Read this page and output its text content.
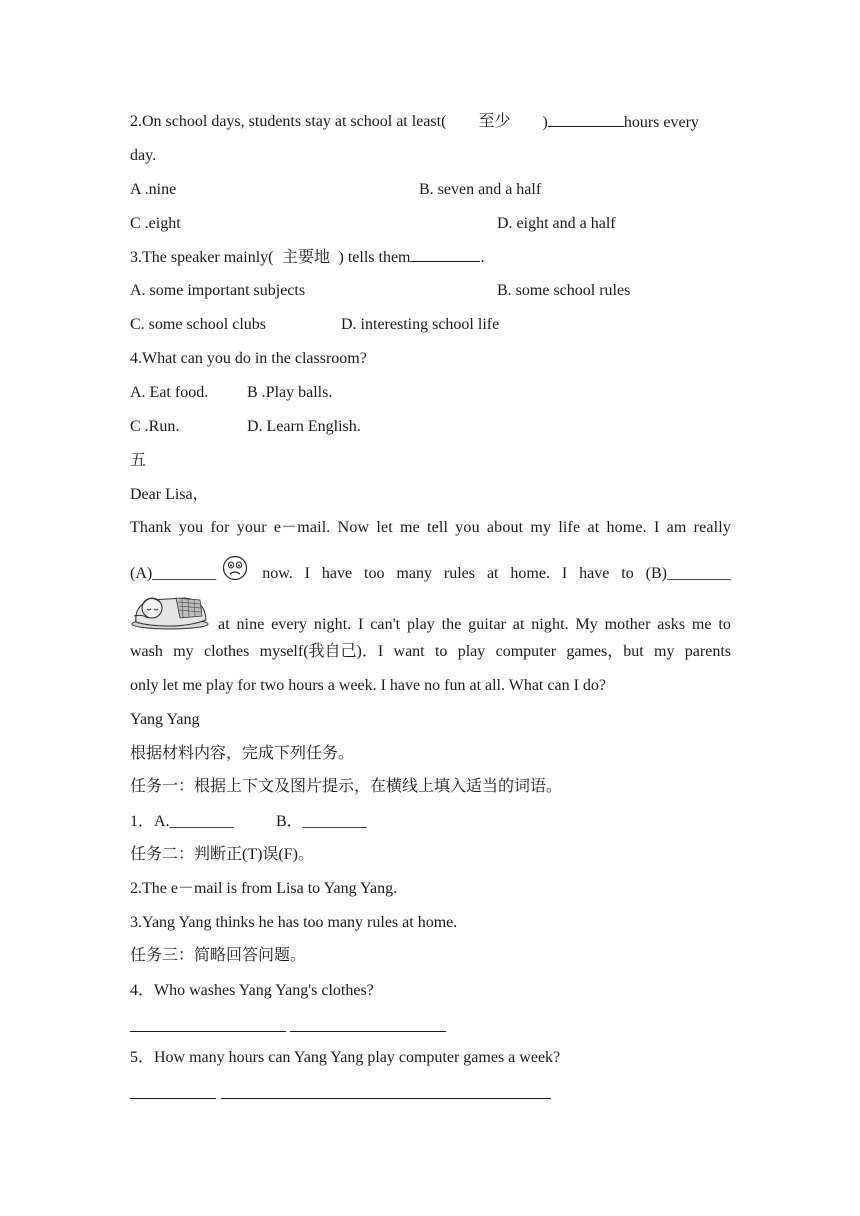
2.On school days, students stay at school at least( 至少 )	hours every
day.
A .nine	B. seven and a half
C .eight	D. eight and a half
3.The speaker mainly( 主要地 ) tells them	.
A. some important subjects	B. some school rules
C. some school clubs	D. interesting school life
4.What can you do in the classroom?
A. Eat food. B .Play balls.
C .Run.	D. Learn English.
五
Dear Lisa，
Thank you for your e－mail. Now let me tell you about my life at home. I am really
(A)________	now. I have too many rules at home. I have to (B)________
at nine every night. I can't play the guitar at night. My mother asks me to
wash my clothes myself(我自己)．I want to play computer games，but my parents
only let me play for two hours a week. I have no fun at all. What can I do?
Yang Yang
根据材料内容，完成下列任务。
任务一：根据上下文及图片提示，在横线上填入适当的词语。
1．A.________	B．________
任务二：判断正(T)误(F)。
2.The e－mail is from Lisa to Yang Yang.
3.Yang Yang thinks he has too many rules at home.
任务三：简略回答问题。
4．Who washes Yang Yang's clothes?
5．How many hours can Yang Yang play computer games a week?
